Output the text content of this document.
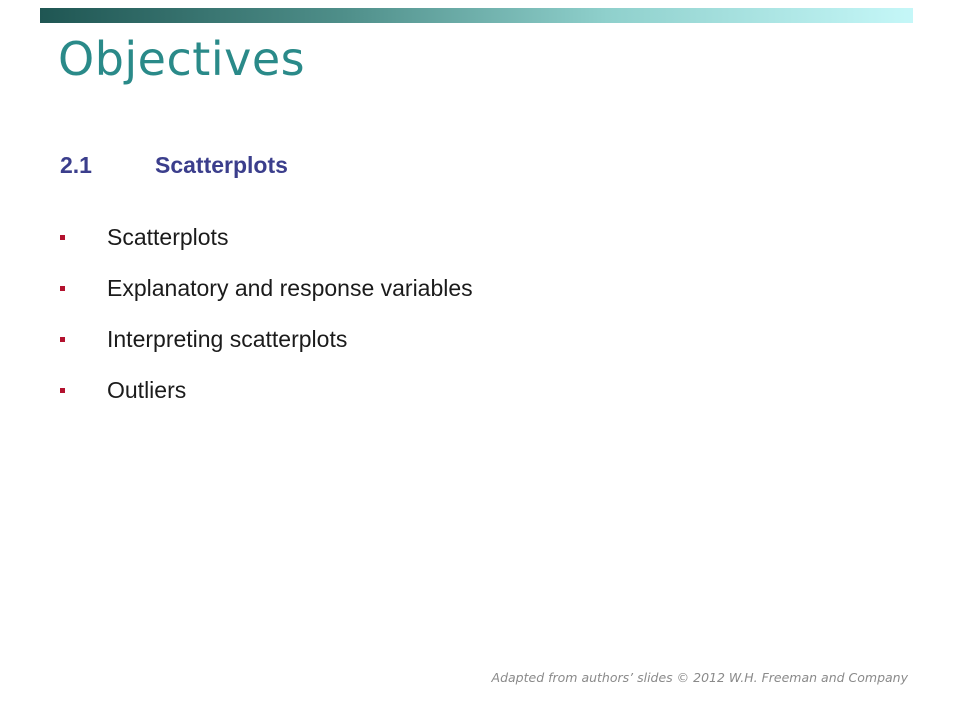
Objectives
2.1	Scatterplots
Scatterplots
Explanatory and response variables
Interpreting scatterplots
Outliers
Adapted from authors’ slides © 2012 W.H. Freeman and Company
